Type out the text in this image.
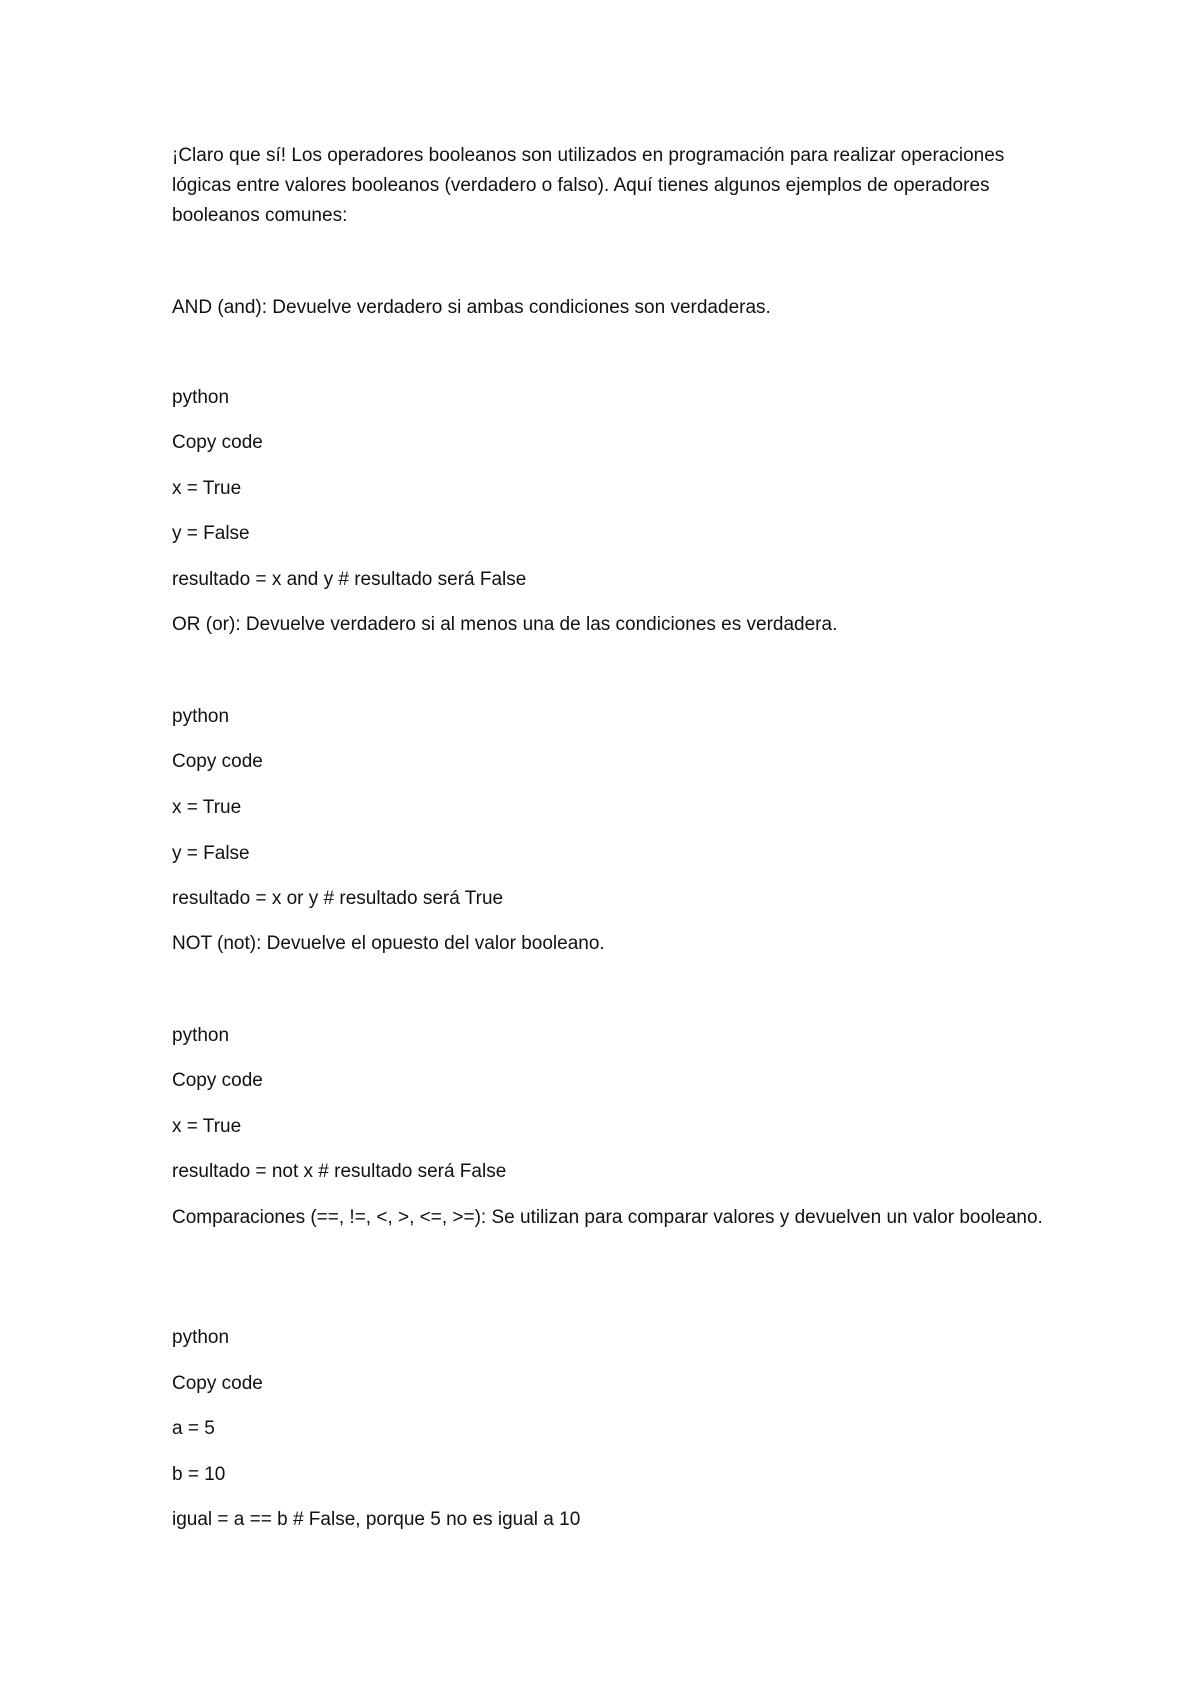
¡Claro que sí! Los operadores booleanos son utilizados en programación para realizar operaciones lógicas entre valores booleanos (verdadero o falso). Aquí tienes algunos ejemplos de operadores booleanos comunes:

AND (and): Devuelve verdadero si ambas condiciones son verdaderas.

python

Copy code

x = True

y = False

resultado = x and y # resultado será False

OR (or): Devuelve verdadero si al menos una de las condiciones es verdadera.

python

Copy code

x = True

y = False

resultado = x or y # resultado será True

NOT (not): Devuelve el opuesto del valor booleano.

python

Copy code

x = True

resultado = not x # resultado será False

Comparaciones (==, !=, <, >, <=, >=): Se utilizan para comparar valores y devuelven un valor booleano.

python

Copy code

a = 5

b = 10

igual = a == b # False, porque 5 no es igual a 10
